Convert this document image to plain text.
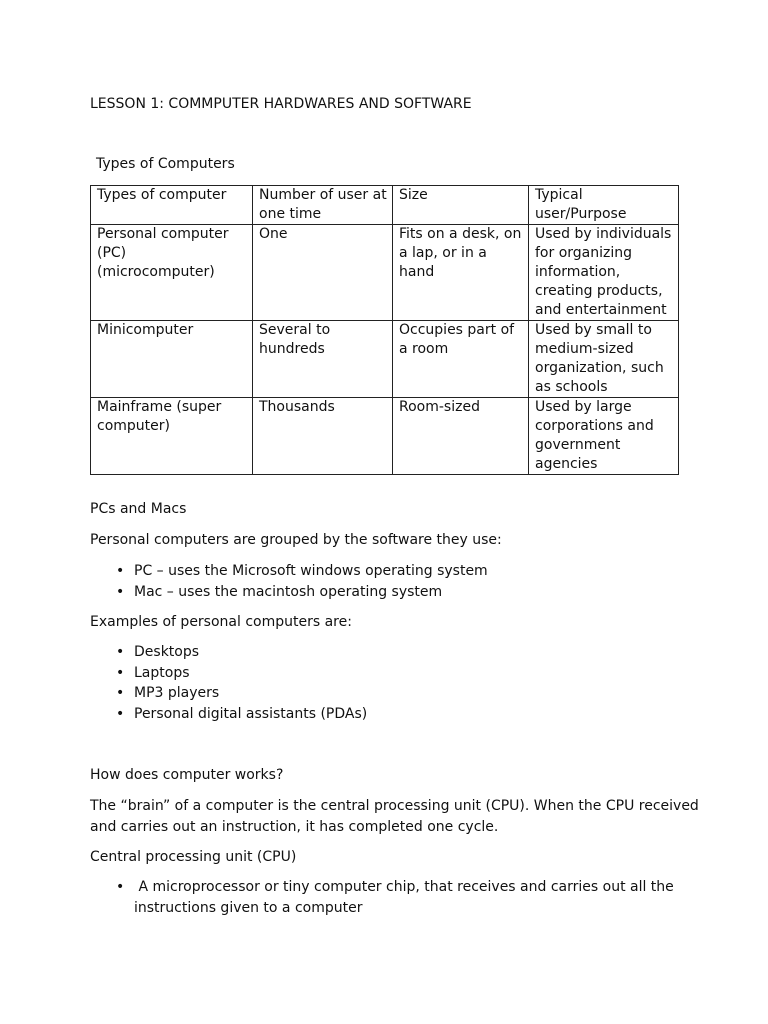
LESSON 1: COMMPUTER HARDWARES AND SOFTWARE
Types of Computers
Types of computer	Number of user at one time	Size	Typical user/Purpose
Personal computer (PC) (microcomputer)	One	Fits on a desk, on a lap, or in a hand	Used by individuals for organizing information, creating products, and entertainment
Minicomputer	Several to hundreds	Occupies part of a room	Used by small to medium-sized organization, such as schools
Mainframe (super computer)	Thousands	Room-sized	Used by large corporations and government agencies
PCs and Macs
Personal computers are grouped by the software they use:
• PC – uses the Microsoft windows operating system
• Mac – uses the macintosh operating system
Examples of personal computers are:
• Desktops
• Laptops
• MP3 players
• Personal digital assistants (PDAs)
How does computer works?
The “brain” of a computer is the central processing unit (CPU). When the CPU received
and carries out an instruction, it has completed one cycle.
Central processing unit (CPU)
•  A microprocessor or tiny computer chip, that receives and carries out all the
instructions given to a computer
